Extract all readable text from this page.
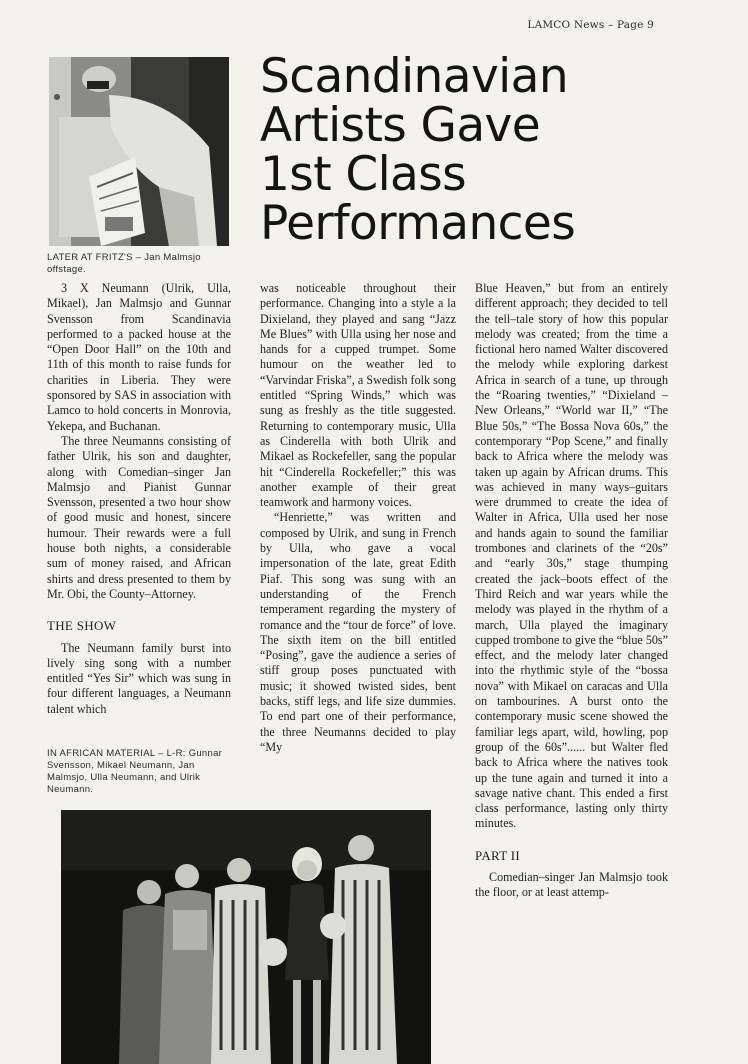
LAMCO News – Page 9
Scandinavian
Artists Gave
1st Class
Performances
LATER AT FRITZ'S – Jan Malmsjo offstage.

3 X Neumann (Ulrik, Ulla, Mikael), Jan Malmsjo and Gunnar Svensson from Scandinavia performed to a packed house at the “Open Door Hall” on the 10th and 11th of this month to raise funds for charities in Liberia. They were sponsored by SAS in association with Lamco to hold concerts in Monrovia, Yekepa, and Buchanan.

The three Neumanns consisting of father Ulrik, his son and daughter, along with Comedian–singer Jan Malmsjo and Pianist Gunnar Svensson, presented a two hour show of good music and honest, sincere humour. Their rewards were a full house both nights, a considerable sum of money raised, and African shirts and dress presented to them by Mr. Obi, the County–Attorney.

THE SHOW

The Neumann family burst into lively sing song with a number entitled “Yes Sir” which was sung in four different languages, a Neumann talent which

IN AFRICAN MATERIAL – L-R: Gunnar Svensson, Mikael Neumann, Jan Malmsjo, Ulla Neumann, and Ulrik Neumann.

was noticeable throughout their performance. Changing into a style a la Dixieland, they played and sang “Jazz Me Blues” with Ulla using her nose and hands for a cupped trumpet. Some humour on the weather led to “Varvindar Friska”, a Swedish folk song entitled “Spring Winds,” which was sung as freshly as the title suggested. Returning to contemporary music, Ulla as Cinderella with both Ulrik and Mikael as Rockefeller, sang the popular hit “Cinderella Rockefeller;” this was another example of their great teamwork and harmony voices.

“Henriette,” was written and composed by Ulrik, and sung in French by Ulla, who gave a vocal impersonation of the late, great Edith Piaf. This song was sung with an understanding of the French temperament regarding the mystery of romance and the “tour de force” of love. The sixth item on the bill entitled “Posing”, gave the audience a series of stiff group poses punctuated with music; it showed twisted sides, bent backs, stiff legs, and life size dummies. To end part one of their performance, the three Neumanns decided to play “My

Blue Heaven,” but from an entirely different approach; they decided to tell the tell–tale story of how this popular melody was created; from the time a fictional hero named Walter discovered the melody while exploring darkest Africa in search of a tune, up through the “Roaring twenties,” “Dixieland – New Orleans,” “World war II,” “The Blue 50s,” “The Bossa Nova 60s,” the contemporary “Pop Scene,” and finally back to Africa where the melody was taken up again by African drums. This was achieved in many ways–guitars were drummed to create the idea of Walter in Africa, Ulla used her nose and hands again to sound the familiar trombones and clarinets of the “20s” and “early 30s,” stage thumping created the jack–boots effect of the Third Reich and war years while the melody was played in the rhythm of a march, Ulla played the imaginary cupped trombone to give the “blue 50s” effect, and the melody later changed into the rhythmic style of the “bossa nova” with Mikael on caracas and Ulla on tambourines. A burst onto the contemporary music scene showed the familiar legs apart, wild, howling, pop group of the 60s”...... but Walter fled back to Africa where the natives took up the tune again and turned it into a savage native chant. This ended a first class performance, lasting only thirty minutes.

PART II

Comedian–singer Jan Malmsjo took the floor, or at least attemp-
